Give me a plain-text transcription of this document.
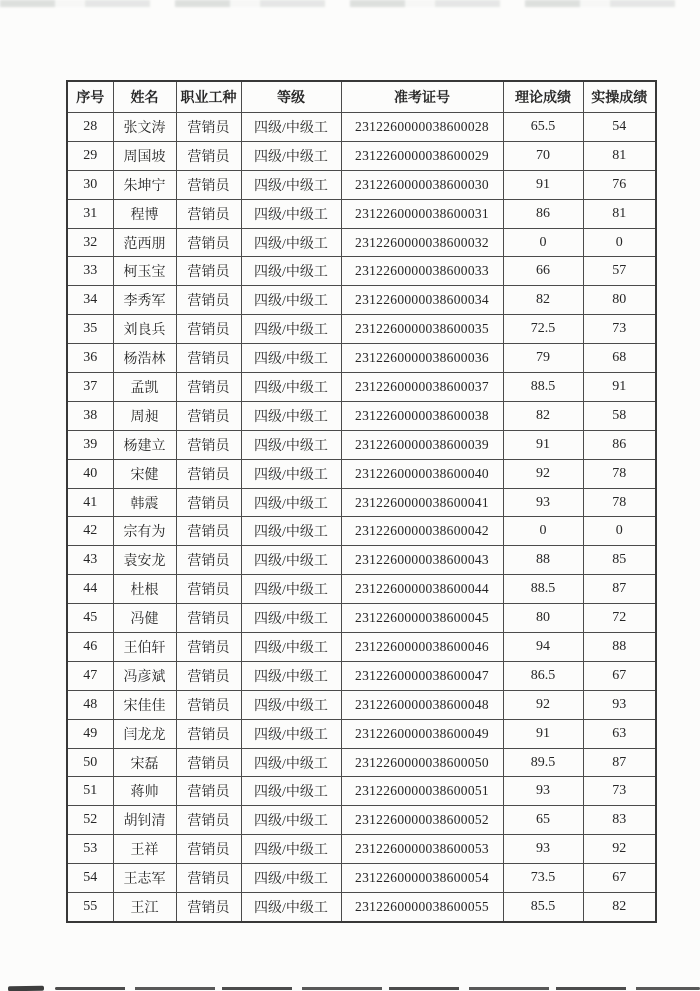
序号	姓名	职业工种	等级	准考证号	理论成绩	实操成绩
28	张文涛	营销员	四级/中级工	2312260000038600028	65.5	54
29	周国坡	营销员	四级/中级工	2312260000038600029	70	81
30	朱坤宁	营销员	四级/中级工	2312260000038600030	91	76
31	程博	营销员	四级/中级工	2312260000038600031	86	81
32	范西朋	营销员	四级/中级工	2312260000038600032	0	0
33	柯玉宝	营销员	四级/中级工	2312260000038600033	66	57
34	李秀军	营销员	四级/中级工	2312260000038600034	82	80
35	刘良兵	营销员	四级/中级工	2312260000038600035	72.5	73
36	杨浩林	营销员	四级/中级工	2312260000038600036	79	68
37	孟凯	营销员	四级/中级工	2312260000038600037	88.5	91
38	周昶	营销员	四级/中级工	2312260000038600038	82	58
39	杨建立	营销员	四级/中级工	2312260000038600039	91	86
40	宋健	营销员	四级/中级工	2312260000038600040	92	78
41	韩震	营销员	四级/中级工	2312260000038600041	93	78
42	宗有为	营销员	四级/中级工	2312260000038600042	0	0
43	袁安龙	营销员	四级/中级工	2312260000038600043	88	85
44	杜根	营销员	四级/中级工	2312260000038600044	88.5	87
45	冯健	营销员	四级/中级工	2312260000038600045	80	72
46	王伯轩	营销员	四级/中级工	2312260000038600046	94	88
47	冯彦斌	营销员	四级/中级工	2312260000038600047	86.5	67
48	宋佳佳	营销员	四级/中级工	2312260000038600048	92	93
49	闫龙龙	营销员	四级/中级工	2312260000038600049	91	63
50	宋磊	营销员	四级/中级工	2312260000038600050	89.5	87
51	蒋帅	营销员	四级/中级工	2312260000038600051	93	73
52	胡钊清	营销员	四级/中级工	2312260000038600052	65	83
53	王祥	营销员	四级/中级工	2312260000038600053	93	92
54	王志军	营销员	四级/中级工	2312260000038600054	73.5	67
55	王江	营销员	四级/中级工	2312260000038600055	85.5	82
